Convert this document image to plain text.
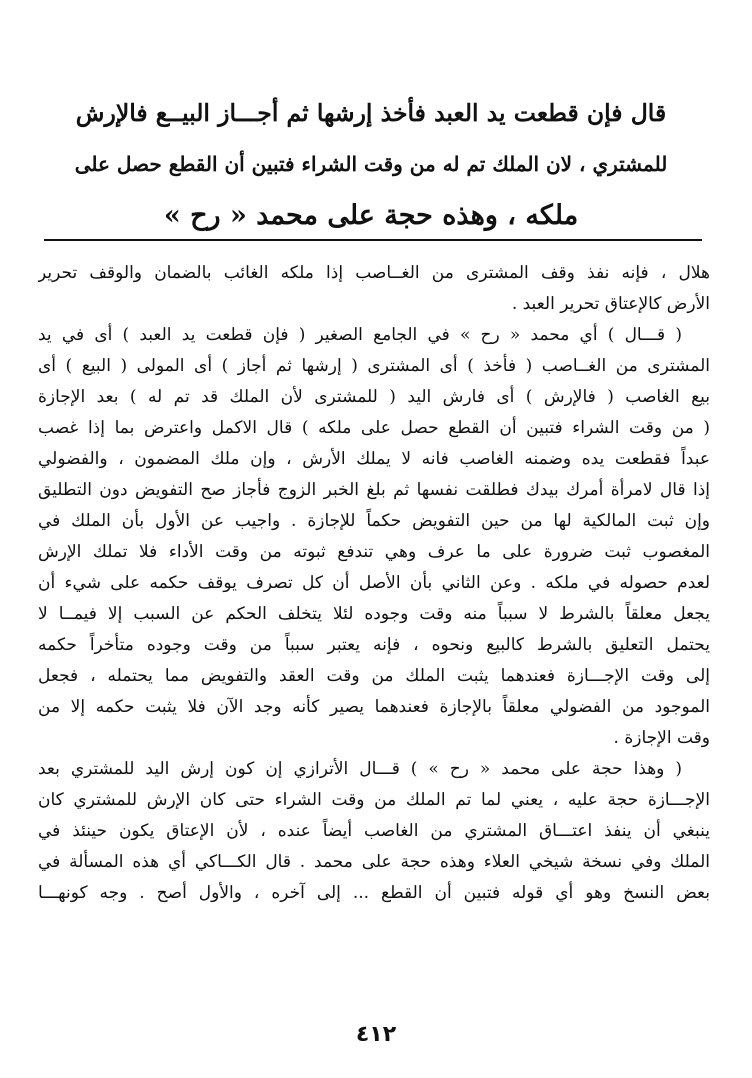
قال فإن قطعت يد العبد فأخذ إرشها ثم أجـــاز البيــع فالإرش
للمشتري ، لان الملك تم له من وقت الشراء فتبين أن القطع حصل على
ملكه ، وهذه حجة على محمد « رح »
هلال ، فإنه نفذ وقف المشترى من الغــاصب إذا ملكه الغائب بالضمان والوقف تحرير
الأرض كالإعتاق تحرير العبد .
( قـــال ) أي محمد « رح » في الجامع الصغير ( فإن قطعت يد العبد ) أى في يد
المشترى من الغــاصب ( فأخذ ) أى المشترى ( إرشها ثم أجاز ) أى المولى ( البيع ) أى
بيع الغاصب ( فالإرش ) أى فارش اليد ( للمشترى لأن الملك قد تم له ) بعد الإجازة
( من وقت الشراء فتبين أن القطع حصل على ملكه ) قال الاكمل واعترض بما إذا غصب
عبداً فقطعت يده وضمنه الغاصب فانه لا يملك الأرش ، وإن ملك المضمون ، والفضولي
إذا قال لامرأة أمرك بيدك فطلقت نفسها ثم بلغ الخبر الزوج فأجاز صح التفويض دون التطليق
وإن ثبت المالكية لها من حين التفويض حكماً للإجازة . واجيب عن الأول بأن الملك في
المغصوب ثبت ضرورة على ما عرف وهي تندفع ثبوته من وقت الأداء فلا تملك الإرش
لعدم حصوله في ملكه . وعن الثاني بأن الأصل أن كل تصرف يوقف حكمه على شيء أن
يجعل معلقاً بالشرط لا سبباً منه وقت وجوده لئلا يتخلف الحكم عن السبب إلا فيمــا لا
يحتمل التعليق بالشرط كالبيع ونحوه ، فإنه يعتبر سبباً من وقت وجوده متأخراً حكمه
إلى وقت الإجـــازة فعندهما يثبت الملك من وقت العقد والتفويض مما يحتمله ، فجعل
الموجود من الفضولي معلقاً بالإجازة فعندهما يصير كأنه وجد الآن فلا يثبت حكمه إلا من
وقت الإجازة .
( وهذا حجة على محمد « رح » ) قـــال الأترازي إن كون إرش اليد للمشتري بعد
الإجـــازة حجة عليه ، يعني لما تم الملك من وقت الشراء حتى كان الإرش للمشتري كان
ينبغي أن ينفذ اعتـــاق المشتري من الغاصب أيضاً عنده ، لأن الإعتاق يكون حينئذ في
الملك وفي نسخة شيخي العلاء وهذه حجة على محمد . قال الكـــاكي أي هذه المسألة في
بعض النسخ وهو أي قوله فتبين أن القطع ... إلى آخره ، والأول أصح . وجه كونهـــا
٤١٢
